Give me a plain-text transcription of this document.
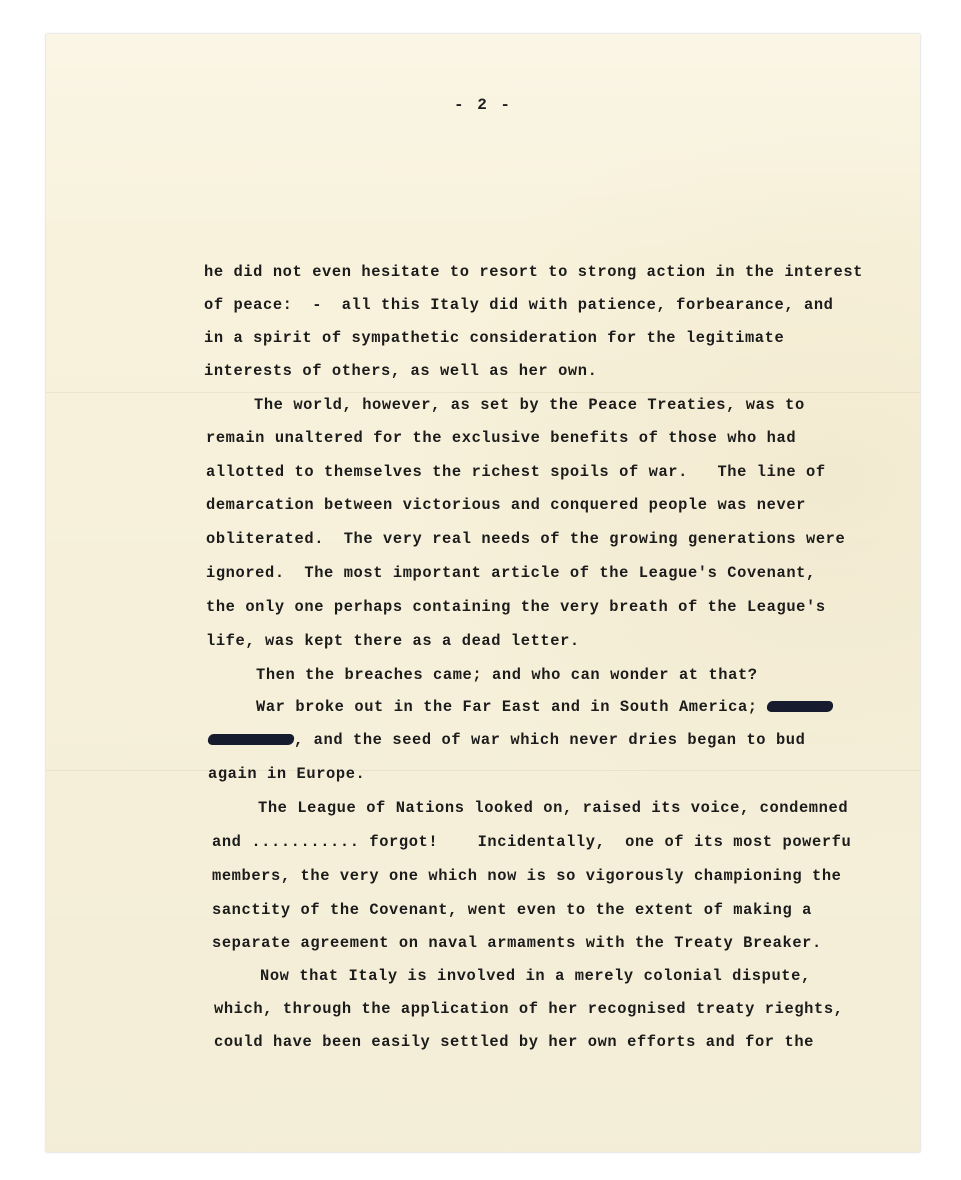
- 2 -
he did not even hesitate to resort to strong action in the interest
of peace:  -  all this Italy did with patience, forbearance, and
in a spirit of sympathetic consideration for the legitimate
interests of others, as well as her own.
The world, however, as set by the Peace Treaties, was to
remain unaltered for the exclusive benefits of those who had
allotted to themselves the richest spoils of war.   The line of
demarcation between victorious and conquered people was never
obliterated.  The very real needs of the growing generations were
ignored.  The most important article of the League's Covenant,
the only one perhaps containing the very breath of the League's
life, was kept there as a dead letter.
Then the breaches came; and who can wonder at that?
War broke out in the Far East and in South America;
, and the seed of war which never dries began to bud
again in Europe.
The League of Nations looked on, raised its voice, condemned
and ........... forgot!    Incidentally,  one of its most powerfu
members, the very one which now is so vigorously championing the
sanctity of the Covenant, went even to the extent of making a
separate agreement on naval armaments with the Treaty Breaker.
Now that Italy is involved in a merely colonial dispute,
which, through the application of her recognised treaty rieghts,
could have been easily settled by her own efforts and for the
